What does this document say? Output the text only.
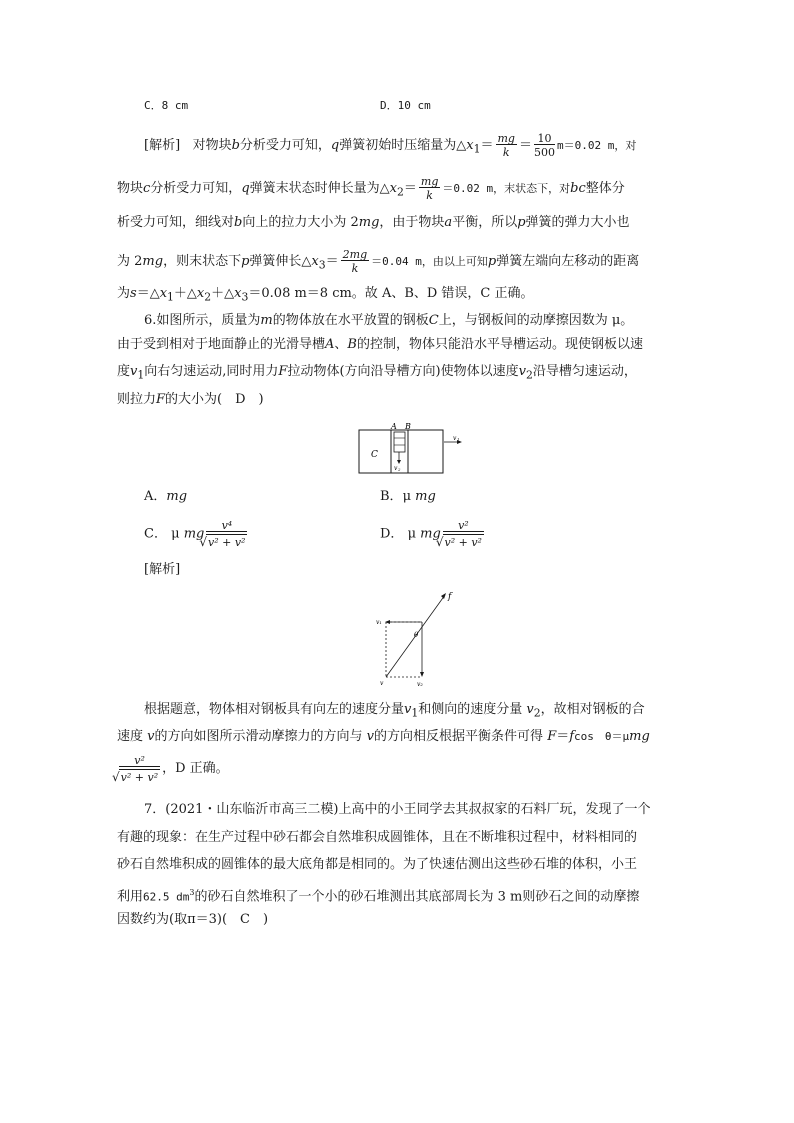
C．8 cm	D．10 cm
[解析] 对物块b分析受力可知，q弹簧初始时压缩量为$\triangle x_1= \frac{mg}{k} = \frac{10}{500} m=0.02$ m，对
物块c分析受力可知，q弹簧末状态时伸长量为$\triangle x_2= \frac{mg}{k} =0.02$ m，末状态下，对bc整体分
析受力可知，细线对b向上的拉力大小为 2mg，由于物块a平衡，所以p弹簧的弹力大小也
为 2mg，则末状态下p弹簧伸长$\triangle x_3= \frac{2mg}{k} =0.04$ m，由以上可知p弹簧左端向左移动的距离
为$s=\triangle x_1+\triangle x_2+\triangle x_3=0.08$ m＝8 cm。故 A、B、D 错误，C 正确。
6.如图所示，质量为m的物体放在水平放置的钢板C上，与钢板间的动摩擦因数为 μ。
由于受到相对于地面静止的光滑导槽A、B的控制，物体只能沿水平导槽运动。现使钢板以速
度$v_1$向右匀速运动,同时用力F拉动物体(方向沿导槽方向)使物体以速度$v_2$沿导槽匀速运动，
则拉力F的大小为(　D　)
C
A B
v 1
v 2
A．mg	B．μ mg
C． μ mg v⁴
√ v² + v²	D． μ mg v²
√ v² + v²
[解析]
f
v₁
v₂
v
θ
根据题意，物体相对钢板具有向左的速度分量$v_1$和侧向的速度分量 $v_2$，故相对钢板的合
速度 v的方向如图所示滑动摩擦力的方向与 v的方向相反根据平衡条件可得 F＝fcos　θ＝μmg
v²
√ v² + v² ，D 正确。
7．(2021・山东临沂市高三二模)上高中的小王同学去其叔叔家的石料厂玩，发现了一个
有趣的现象：在生产过程中砂石都会自然堆积成圆锥体，且在不断堆积过程中，材料相同的
砂石自然堆积成的圆锥体的最大底角都是相同的。为了快速估测出这些砂石堆的体积，小王
利用62.5 $dm^3$的砂石自然堆积了一个小的砂石堆测出其底部周长为 3 m则砂石之间的动摩擦
因数约为(取π＝3)(　C　)
